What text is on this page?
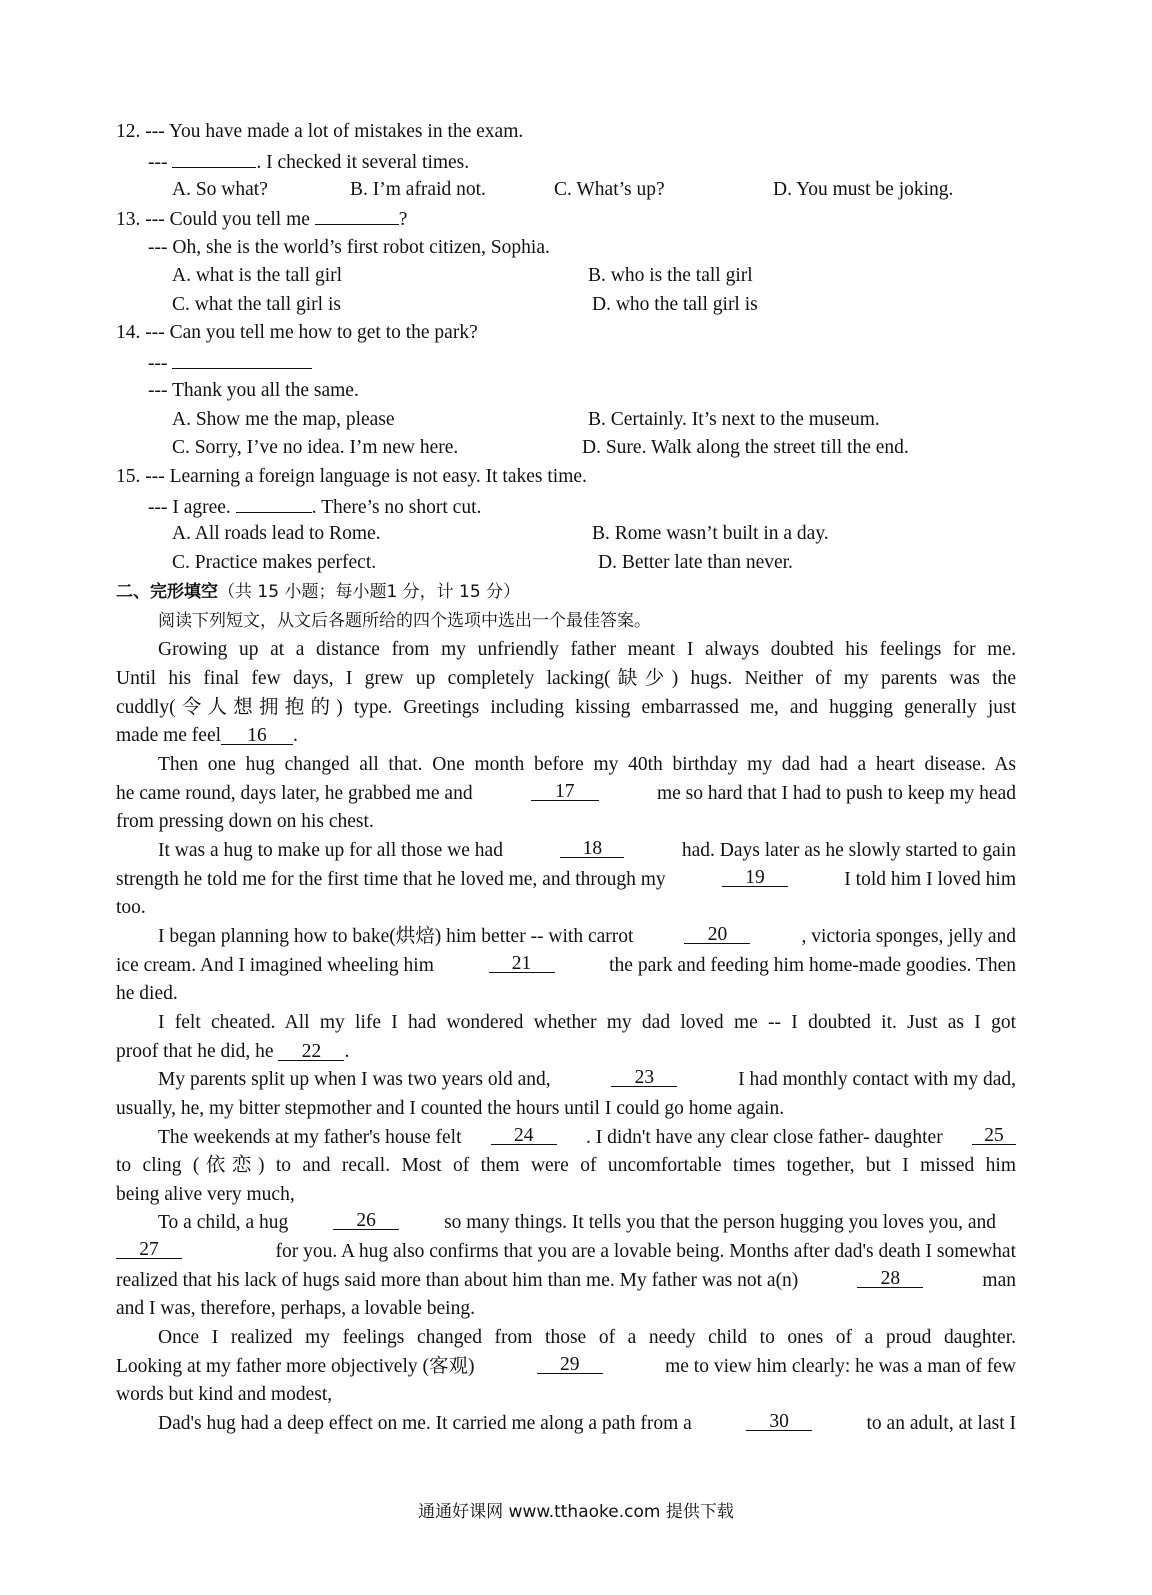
12. --- You have made a lot of mistakes in the exam.
---	. I checked it several times.
A. So what?	B. I’m afraid not.	C. What’s up?	D. You must be joking.
13. --- Could you tell me	?
--- Oh, she is the world’s first robot citizen, Sophia.
A. what is the tall girl	B. who is the tall girl
C. what the tall girl is	D. who the tall girl is
14. --- Can you tell me how to get to the park?
---
--- Thank you all the same.
A. Show me the map, please	B. Certainly. It’s next to the museum.
C. Sorry, I’ve no idea. I’m new here.	D. Sure. Walk along the street till the end.
15. --- Learning a foreign language is not easy. It takes time.
--- I agree.	. There’s no short cut.
A. All roads lead to Rome.	B. Rome wasn’t built in a day.
C. Practice makes perfect.	D. Better late than never.
二、完形填空（共 15 小题；每小题1 分，计 15 分）
阅读下列短文，从文后各题所给的四个选项中选出一个最佳答案。
Growing up at a distance from my unfriendly father meant I always doubted his feelings for me.
Until his final few days, I grew up completely lacking(缺少) hugs. Neither of my parents was the
cuddly(令人想拥抱的) type. Greetings including kissing embarrassed me, and hugging generally just
made me feel 16 .
Then one hug changed all that. One month before my 40th birthday my dad had a heart disease. As
he came round, days later, he grabbed me and	17	me so hard that I had to push to keep my head
from pressing down on his chest.
It was a hug to make up for all those we had	18	had. Days later as he slowly started to gain
strength he told me for the first time that he loved me, and through my	19	I told him I loved him
too.
I began planning how to bake(烘焙) him better -- with carrot	20	, victoria sponges, jelly and
ice cream. And I imagined wheeling him	21	the park and feeding him home-made goodies. Then
he died.
I felt cheated. All my life I had wondered whether my dad loved me -- I doubted it. Just as I got
proof that he did, he 22 .
My parents split up when I was two years old and,	23	I had monthly contact with my dad,
usually, he, my bitter stepmother and I counted the hours until I could go home again.
The weekends at my father's house felt	24	. I didn't have any clear close father- daughter	25
to cling (依恋) to and recall. Most of them were of uncomfortable times together, but I missed him
being alive very much,
To a child, a hug	26	so many things. It tells you that the person hugging you loves you, and
27	for you. A hug also confirms that you are a lovable being. Months after dad's death I somewhat
realized that his lack of hugs said more than about him than me. My father was not a(n)	28	man
and I was, therefore, perhaps, a lovable being.
Once I realized my feelings changed from those of a needy child to ones of a proud daughter.
Looking at my father more objectively (客观)	29	me to view him clearly: he was a man of few
words but kind and modest,
Dad's hug had a deep effect on me. It carried me along a path from a	30	to an adult, at last I
通通好课网 www.tthaoke.com 提供下载
